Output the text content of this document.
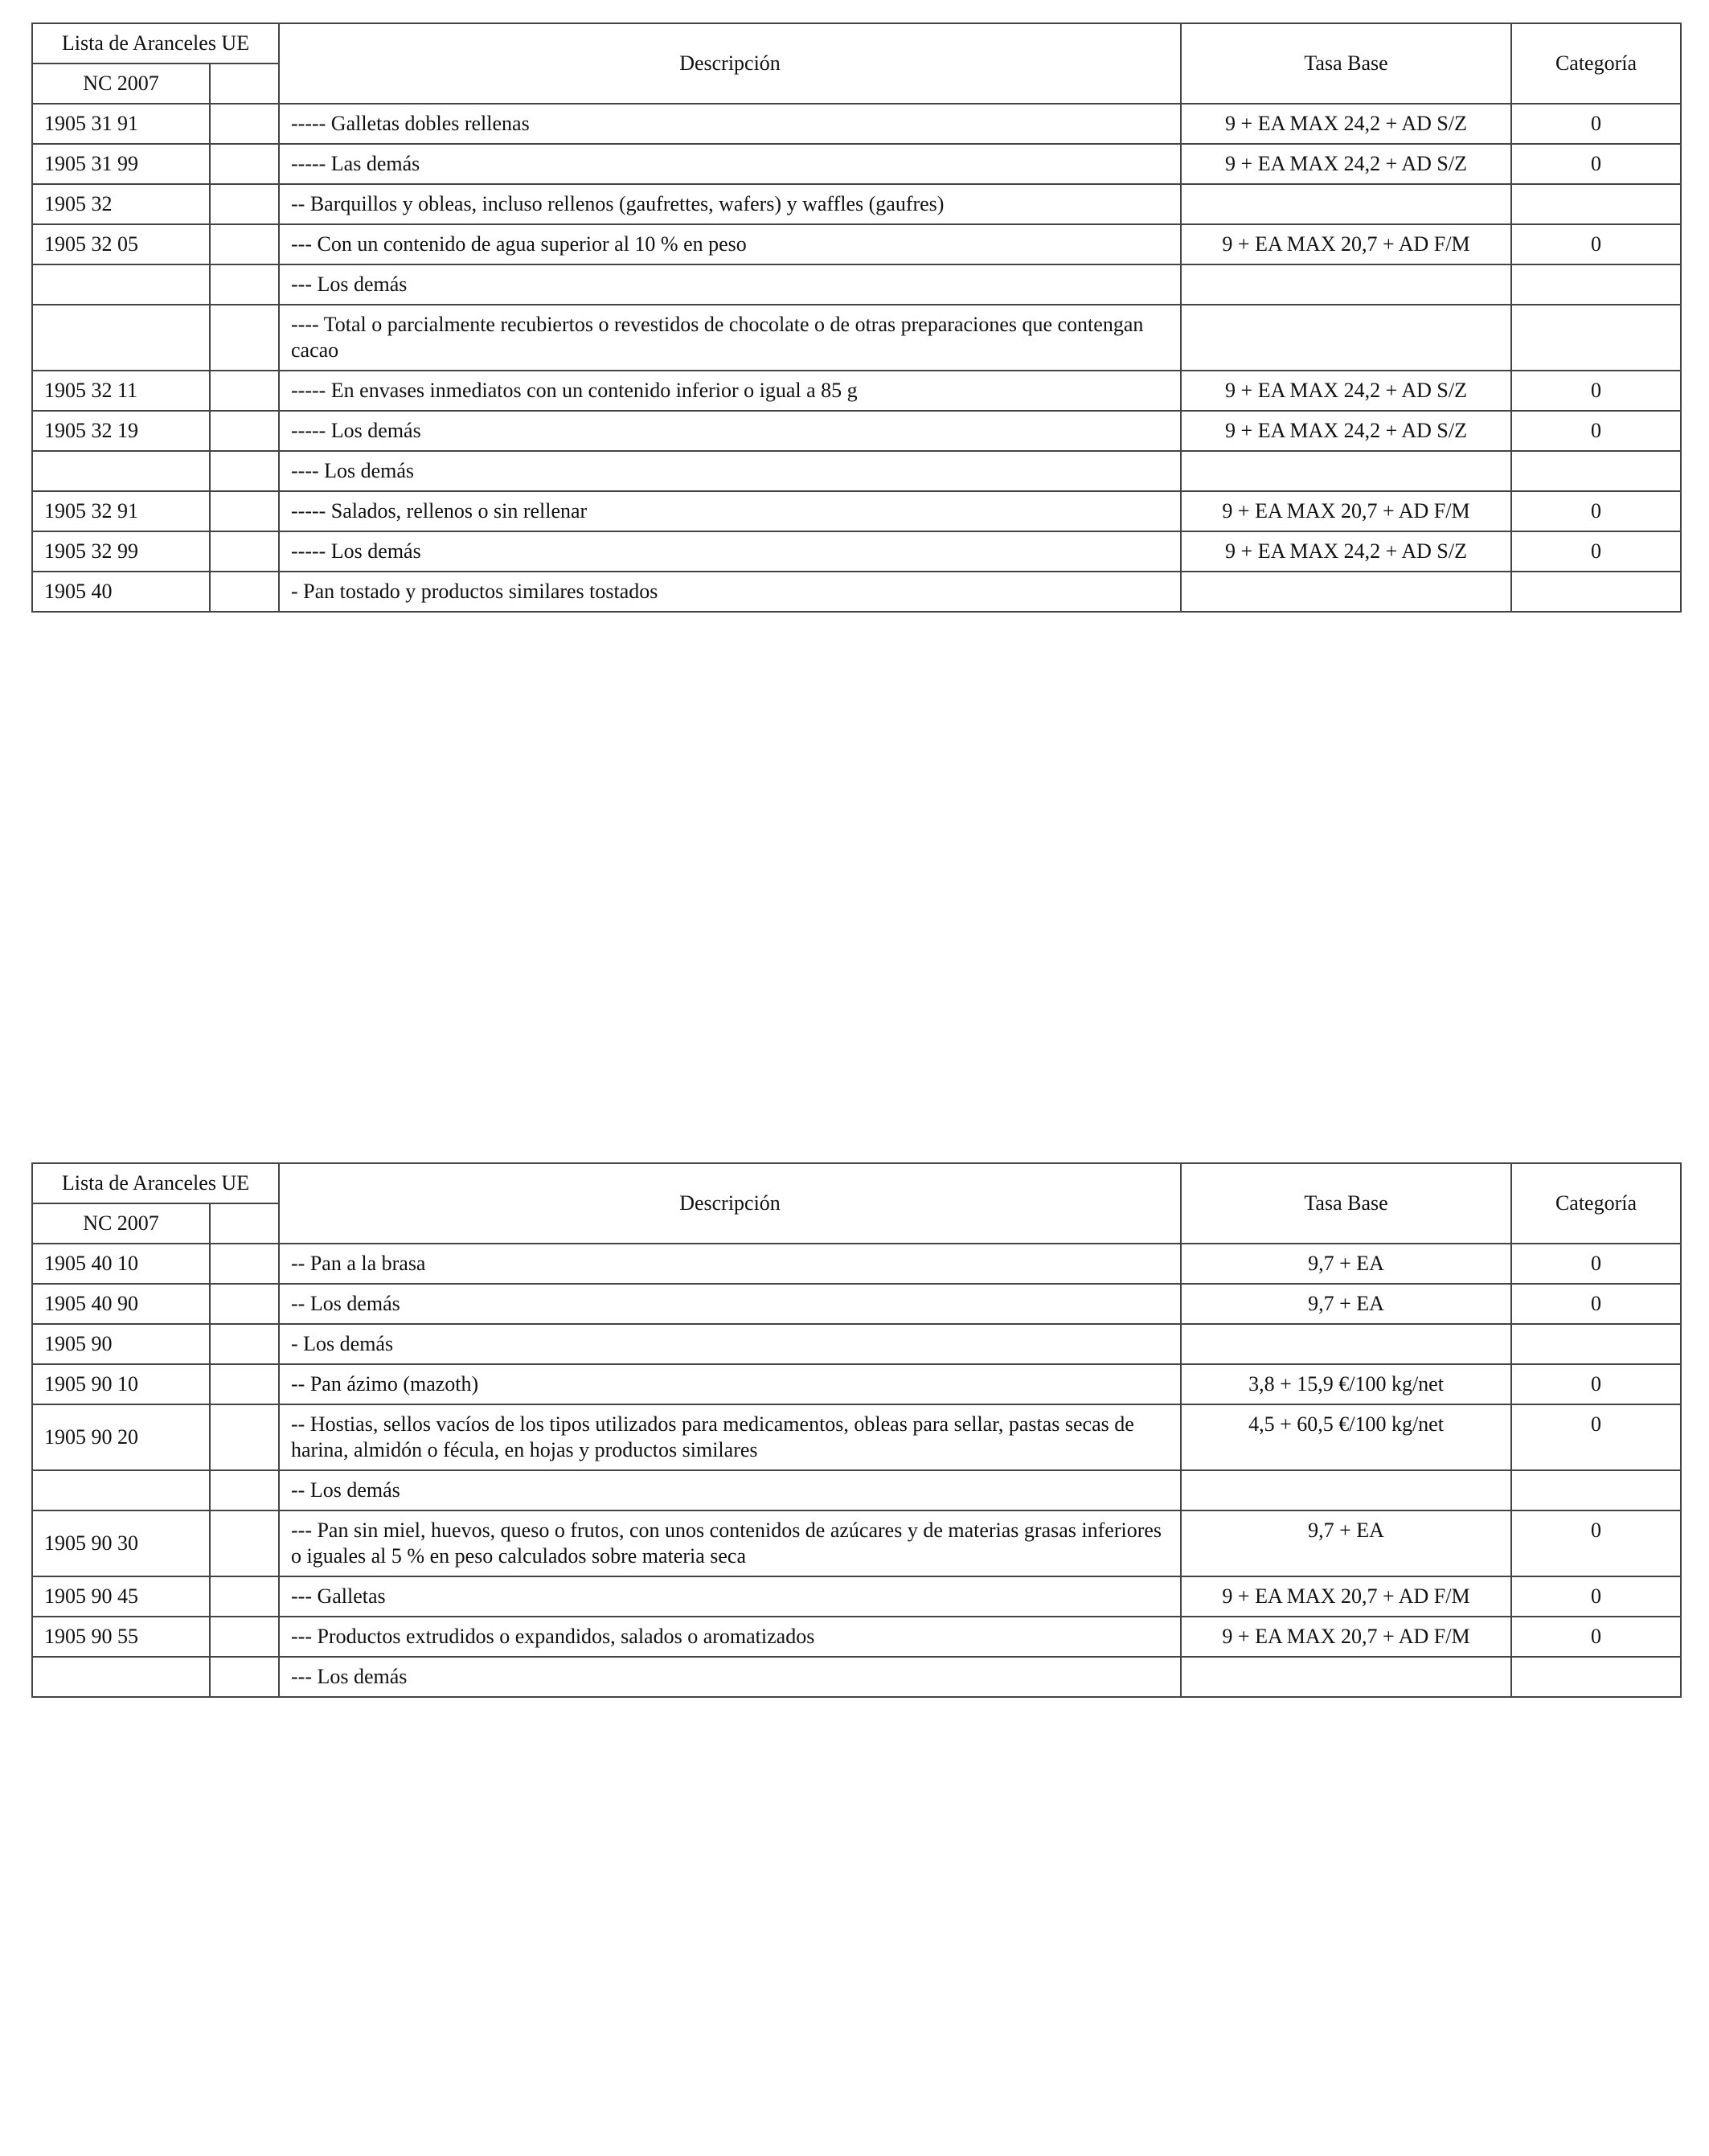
Lista de Aranceles UE		Descripción	Tasa Base	Categoría
NC 2007				
1905 31 91		----- Galletas dobles rellenas	9 + EA MAX 24,2 + AD S/Z	0
1905 31 99		----- Las demás	9 + EA MAX 24,2 + AD S/Z	0
1905 32		-- Barquillos y obleas, incluso rellenos (gaufrettes, wafers) y waffles (gaufres)		
1905 32 05		--- Con un contenido de agua superior al 10 % en peso	9 + EA MAX 20,7 + AD F/M	0
		--- Los demás		
		---- Total o parcialmente recubiertos o revestidos de chocolate o de otras preparaciones que contengan cacao		
1905 32 11		----- En envases inmediatos con un contenido inferior o igual a 85 g	9 + EA MAX 24,2 + AD S/Z	0
1905 32 19		----- Los demás	9 + EA MAX 24,2 + AD S/Z	0
		---- Los demás		
1905 32 91		----- Salados, rellenos o sin rellenar	9 + EA MAX 20,7 + AD F/M	0
1905 32 99		----- Los demás	9 + EA MAX 24,2 + AD S/Z	0
1905 40		- Pan tostado y productos similares tostados		
Lista de Aranceles UE		Descripción	Tasa Base	Categoría
NC 2007				
1905 40 10		-- Pan a la brasa	9,7 + EA	0
1905 40 90		-- Los demás	9,7 + EA	0
1905 90		- Los demás		
1905 90 10		-- Pan ázimo (mazoth)	3,8 + 15,9 €/100 kg/net	0
1905 90 20		-- Hostias, sellos vacíos de los tipos utilizados para medicamentos, obleas para sellar, pastas secas de harina, almidón o fécula, en hojas y productos similares	4,5 + 60,5 €/100 kg/net	0
		-- Los demás		
1905 90 30		--- Pan sin miel, huevos, queso o frutos, con unos contenidos de azúcares y de materias grasas inferiores o iguales al 5 % en peso calculados sobre materia seca	9,7 + EA	0
1905 90 45		--- Galletas	9 + EA MAX 20,7 + AD F/M	0
1905 90 55		--- Productos extrudidos o expandidos, salados o aromatizados	9 + EA MAX 20,7 + AD F/M	0
		--- Los demás		
